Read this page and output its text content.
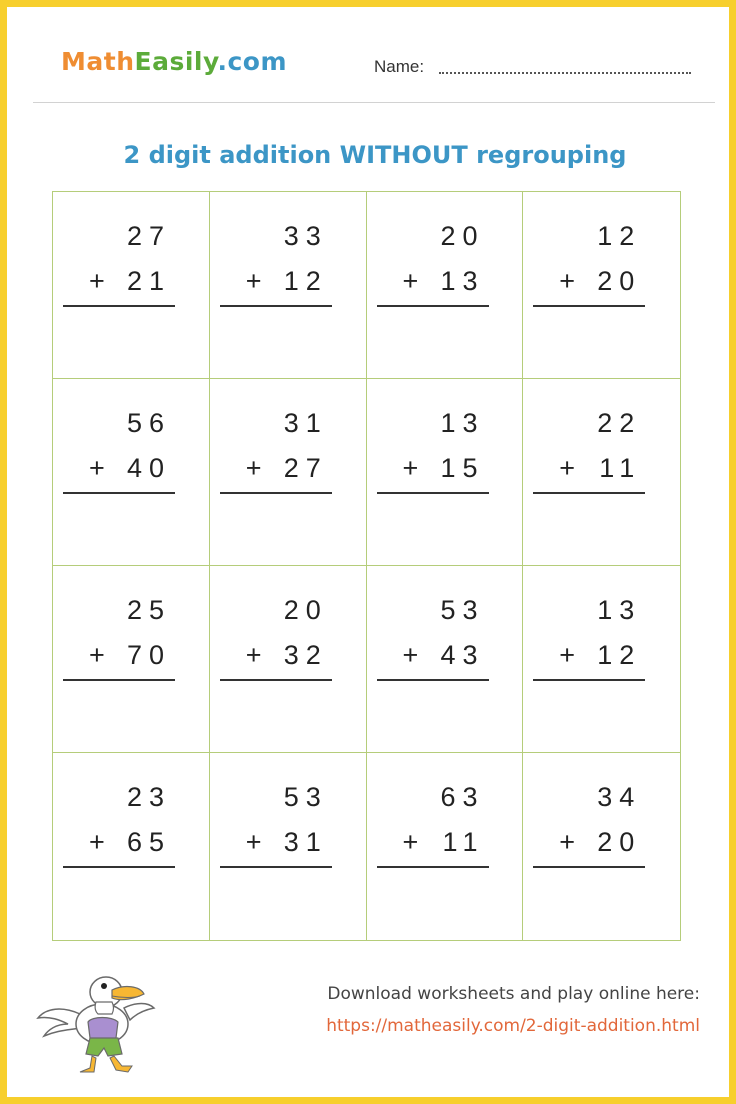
MathEasily.com	Name:
2 digit addition WITHOUT regrouping
27
+ 21
33
+ 12
20
+ 13
12
+ 20
56
+ 40
31
+ 27
13
+ 15
22
+ 11
25
+ 70
20
+ 32
53
+ 43
13
+ 12
23
+ 65
53
+ 31
63
+ 11
34
+ 20
Download worksheets and play online here:
https://matheasily.com/2-digit-addition.html
